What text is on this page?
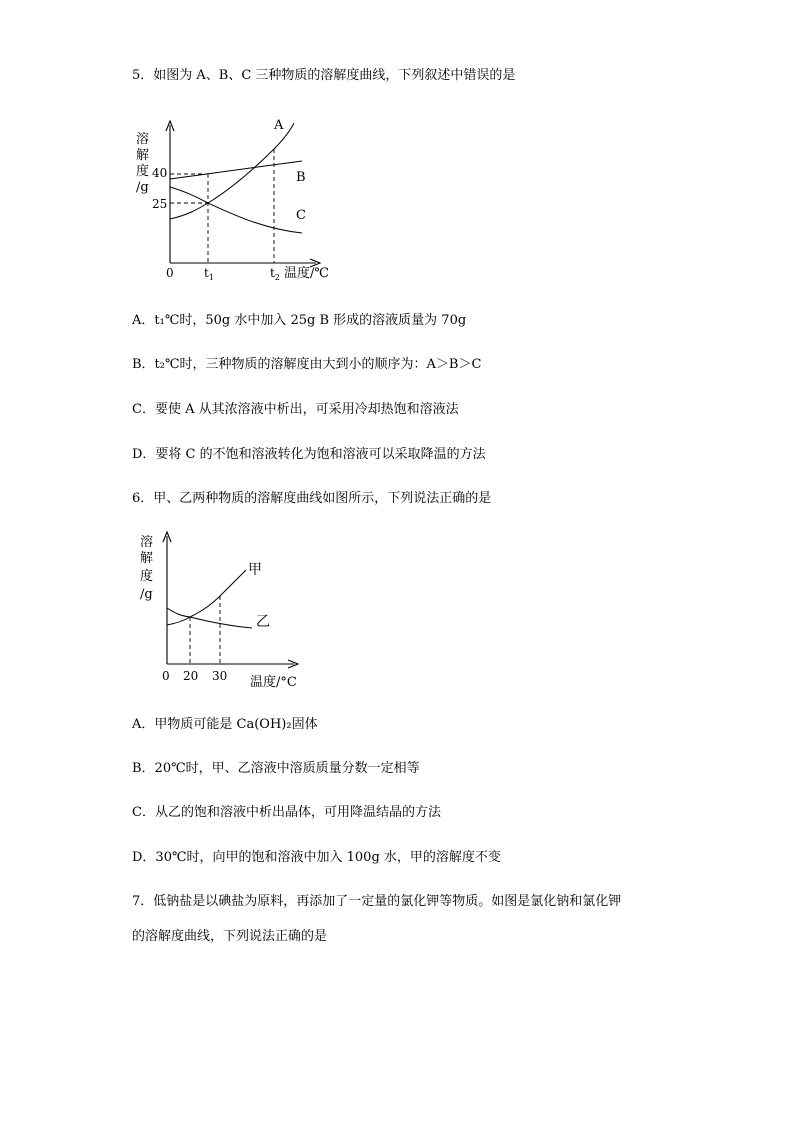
5．如图为 A、B、C 三种物质的溶解度曲线，下列叙述中错误的是
溶
解
度
/g
40
25
0	$t_1$	$t_2$ 温度/℃
A
B
C
A．t₁℃时，50g 水中加入 25g B 形成的溶液质量为 70g
B．t₂℃时，三种物质的溶解度由大到小的顺序为：A＞B＞C
C．要使 A 从其浓溶液中析出，可采用冷却热饱和溶液法
D．要将 C 的不饱和溶液转化为饱和溶液可以采取降温的方法
6．甲、乙两种物质的溶解度曲线如图所示，下列说法正确的是
溶
解
度
/g
0 20 30 温度/°C
甲
乙
A．甲物质可能是 Ca(OH)₂固体
B．20℃时，甲、乙溶液中溶质质量分数一定相等
C．从乙的饱和溶液中析出晶体，可用降温结晶的方法
D．30℃时，向甲的饱和溶液中加入 100g 水，甲的溶解度不变
7．低钠盐是以碘盐为原料，再添加了一定量的氯化钾等物质。如图是氯化钠和氯化钾
的溶解度曲线，下列说法正确的是
